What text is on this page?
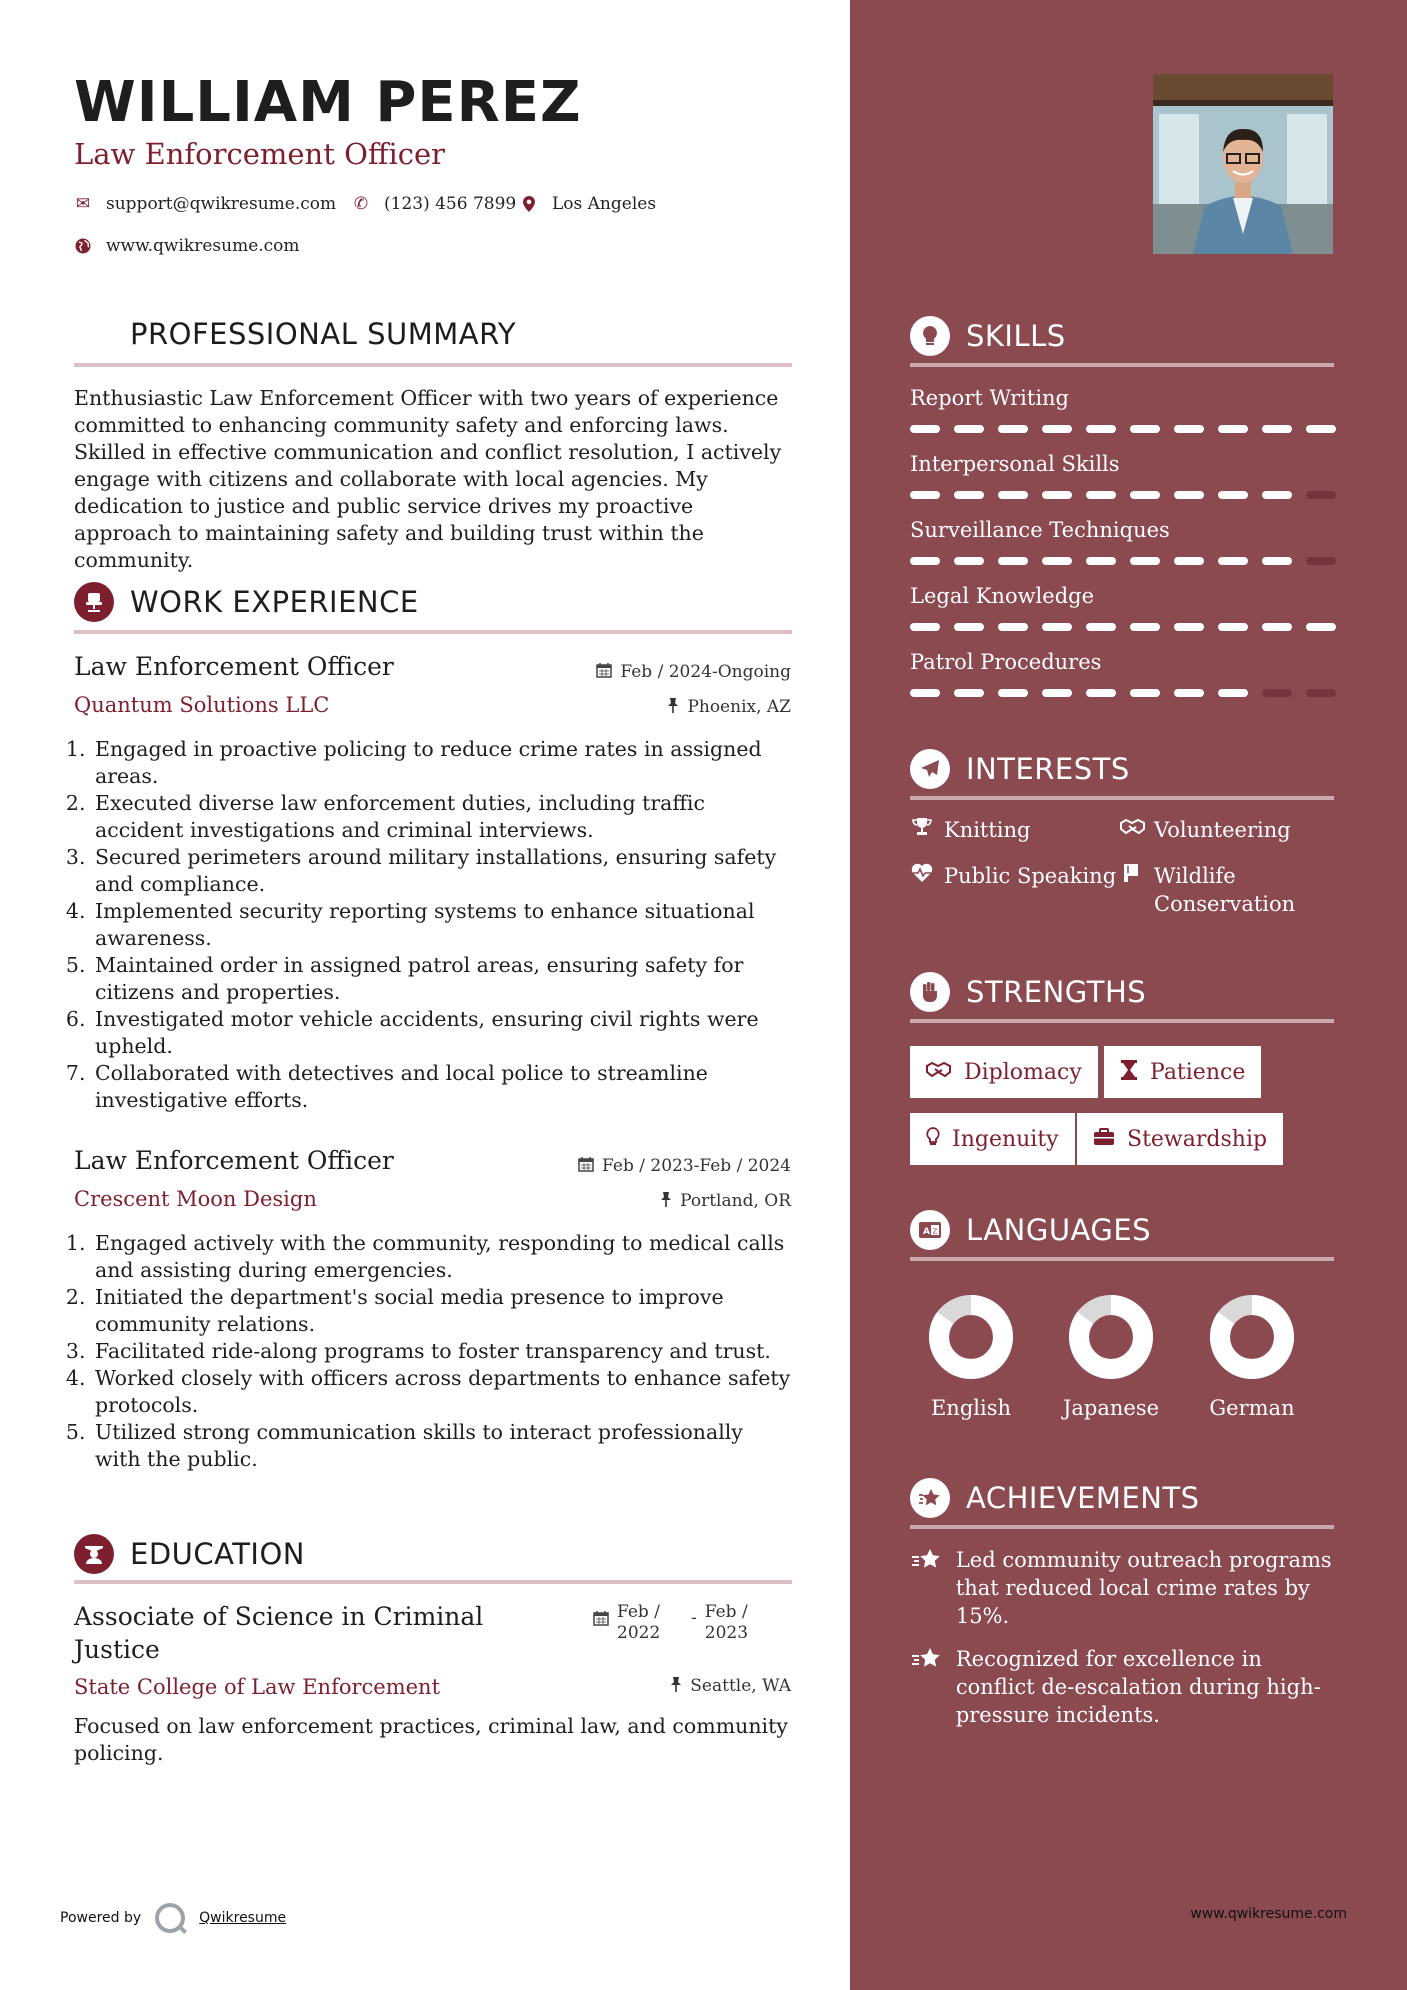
WILLIAM PEREZ
Law Enforcement Officer
✉ support@qwikresume.com ✆ (123) 456 7899 Los Angeles
www.qwikresume.com
PROFESSIONAL SUMMARY
Enthusiastic Law Enforcement Officer with two years of experience committed to enhancing community safety and enforcing laws. Skilled in effective communication and conflict resolution, I actively engage with citizens and collaborate with local agencies. My dedication to justice and public service drives my proactive approach to maintaining safety and building trust within the community.
WORK EXPERIENCE
Law Enforcement Officer	Feb / 2024-Ongoing
Quantum Solutions LLC	Phoenix, AZ
1. Engaged in proactive policing to reduce crime rates in assigned areas.
2. Executed diverse law enforcement duties, including traffic accident investigations and criminal interviews.
3. Secured perimeters around military installations, ensuring safety and compliance.
4. Implemented security reporting systems to enhance situational awareness.
5. Maintained order in assigned patrol areas, ensuring safety for citizens and properties.
6. Investigated motor vehicle accidents, ensuring civil rights were upheld.
7. Collaborated with detectives and local police to streamline investigative efforts.
Law Enforcement Officer	Feb / 2023-Feb / 2024
Crescent Moon Design	Portland, OR
1. Engaged actively with the community, responding to medical calls and assisting during emergencies.
2. Initiated the department's social media presence to improve community relations.
3. Facilitated ride-along programs to foster transparency and trust.
4. Worked closely with officers across departments to enhance safety protocols.
5. Utilized strong communication skills to interact professionally with the public.
EDUCATION
Associate of Science in Criminal Justice
Feb / 2022
- Feb / 2023
State College of Law Enforcement	Seattle, WA
Focused on law enforcement practices, criminal law, and community policing.
Powered by	Qwikresume	www.qwikresume.com
SKILLS
Report Writing
Interpersonal Skills
Surveillance Techniques
Legal Knowledge
Patrol Procedures
INTERESTS
Knitting	Volunteering
Public Speaking Wildlife Conservation
STRENGTHS
Diplomacy	Patience
Ingenuity	Stewardship
A Z LANGUAGES
English	Japanese	German
ACHIEVEMENTS
Led community outreach programs that reduced local crime rates by 15%.
Recognized for excellence in conflict de-escalation during high-pressure incidents.
